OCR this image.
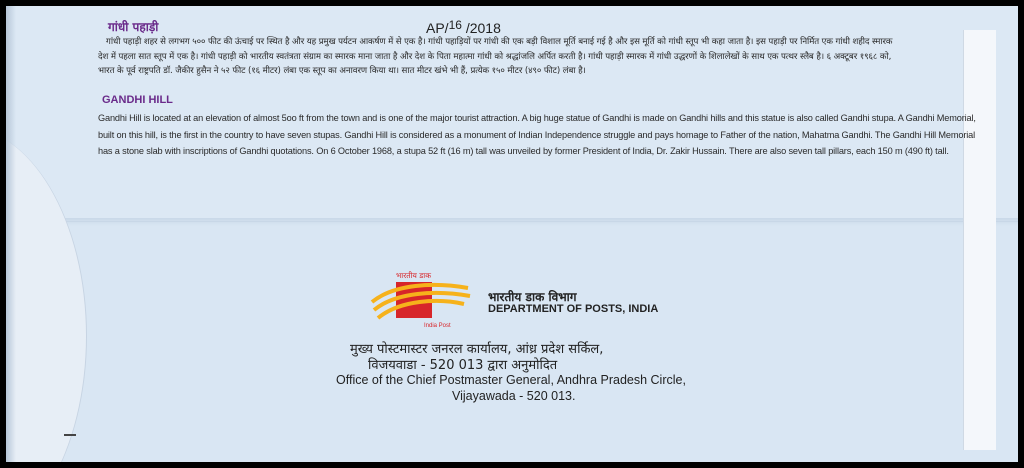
गांधी पहाड़ी	AP/16 /2018
गांधी पहाड़ी शहर से लगभग ५०० फीट की ऊंचाई पर स्थित है और यह प्रमुख पर्यटन आकर्षण में से एक है। गांधी पहाड़ियों पर गांधी की एक बड़ी विशाल मूर्ति बनाई गई है और इस मूर्ति को गांधी स्तूप भी कहा जाता है। इस पहाड़ी पर निर्मित एक गांधी शहीद स्मारक देश में पहला सात स्तूप में एक है। गांधी पहाड़ी को भारतीय स्वतंत्रता संग्राम का स्मारक माना जाता है और देश के पिता महात्मा गांधी को श्रद्धांजलि अर्पित करती है। गांधी पहाड़ी स्मारक में गांधी उद्धरणों के शिलालेखों के साथ एक पत्थर स्लैब है। ६ अक्टूबर १९६८ को, भारत के पूर्व राष्ट्रपति डॉ. जैकीर हुसैन ने ५२ फीट (१६ मीटर) लंबा एक स्तूप का अनावरण किया था। सात मीटर खंभे भी हैं, प्रत्येक १५० मीटर (४९० फीट) लंबा है।
GANDHI HILL
Gandhi Hill is located at an elevation of almost 5oo ft from the town and is one of the major tourist attraction. A big huge statue of Gandhi is made on Gandhi hills and this statue is also called Gandhi stupa. A Gandhi Memorial, built on this hill, is the first in the country to have seven stupas. Gandhi Hill is considered as a monument of Indian Independence struggle and pays homage to Father of the nation, Mahatma Gandhi. The Gandhi Hill Memorial has a stone slab with inscriptions of Gandhi quotations. On 6 October 1968, a stupa 52 ft (16 m) tall was unveiled by former President of India, Dr. Zakir Hussain. There are also seven tall pillars, each 150 m (490 ft) tall.
भारतीय डाक
India Post
भारतीय डाक विभाग
DEPARTMENT OF POSTS, INDIA
मुख्य पोस्टमास्टर जनरल कार्यालय, आंध्र प्रदेश सर्किल,
विजयवाडा - 520 013 द्वारा अनुमोदित
Office of the Chief Postmaster General, Andhra Pradesh Circle,
Vijayawada - 520 013.
